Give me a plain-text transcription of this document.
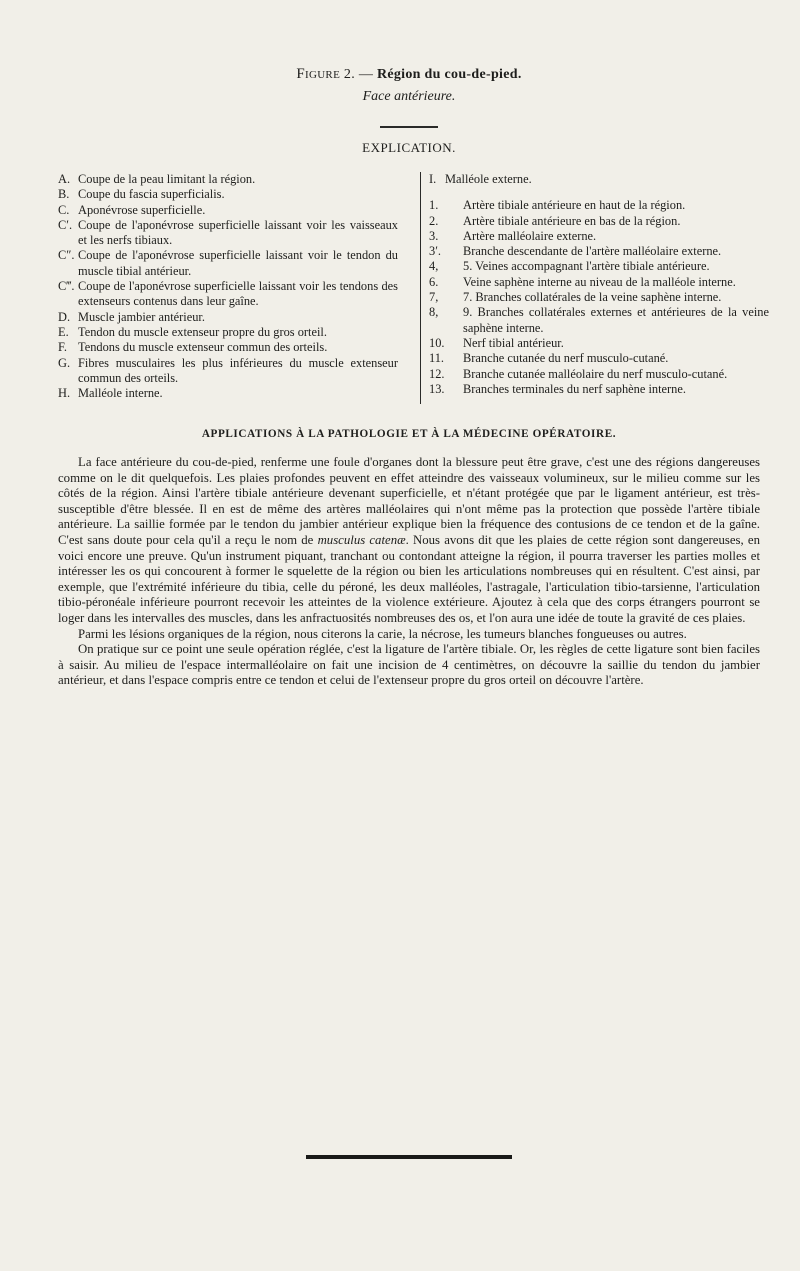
Figure 2. — Région du cou-de-pied.
Face antérieure.
EXPLICATION.
A. Coupe de la peau limitant la région.
B. Coupe du fascia superficialis.
C. Aponévrose superficielle.
C′. Coupe de l'aponévrose superficielle laissant voir les vaisseaux et les nerfs tibiaux.
C″. Coupe de l'aponévrose superficielle laissant voir le tendon du muscle tibial antérieur.
C‴. Coupe de l'aponévrose superficielle laissant voir les tendons des extenseurs contenus dans leur gaîne.
D. Muscle jambier antérieur.
E. Tendon du muscle extenseur propre du gros orteil.
F. Tendons du muscle extenseur commun des orteils.
G. Fibres musculaires les plus inférieures du muscle extenseur commun des orteils.
H. Malléole interne.
I. Malléole externe.
1.	Artère tibiale antérieure en haut de la région.
2.	Artère tibiale antérieure en bas de la région.
3.	Artère malléolaire externe.
3′.	Branche descendante de l'artère malléolaire externe.
4,	5. Veines accompagnant l'artère tibiale antérieure.
6.	Veine saphène interne au niveau de la malléole interne.
7,	7. Branches collatérales de la veine saphène interne.
8,	9. Branches collatérales externes et antérieures de la veine saphène interne.
10.	Nerf tibial antérieur.
11.	Branche cutanée du nerf musculo-cutané.
12.	Branche cutanée malléolaire du nerf musculo-cutané.
13.	Branches terminales du nerf saphène interne.
APPLICATIONS À LA PATHOLOGIE ET À LA MÉDECINE OPÉRATOIRE.

La face antérieure du cou-de-pied, renferme une foule d'organes dont la blessure peut être grave, c'est une des régions dangereuses comme on le dit quelquefois. Les plaies profondes peuvent en effet atteindre des vaisseaux volumineux, sur le milieu comme sur les côtés de la région. Ainsi l'artère tibiale antérieure devenant superficielle, et n'étant protégée que par le ligament antérieur, est très-susceptible d'être blessée. Il en est de même des artères malléolaires qui n'ont même pas la protection que possède l'artère tibiale antérieure. La saillie formée par le tendon du jambier antérieur explique bien la fréquence des contusions de ce tendon et de la gaîne. C'est sans doute pour cela qu'il a reçu le nom de musculus catenæ. Nous avons dit que les plaies de cette région sont dangereuses, en voici encore une preuve. Qu'un instrument piquant, tranchant ou contondant atteigne la région, il pourra traverser les parties molles et intéresser les os qui concourent à former le squelette de la région ou bien les articulations nombreuses qui en résultent. C'est ainsi, par exemple, que l'extrémité inférieure du tibia, celle du péroné, les deux malléoles, l'astragale, l'articulation tibio-tarsienne, l'articulation tibio-péronéale inférieure pourront recevoir les atteintes de la violence extérieure. Ajoutez à cela que des corps étrangers pourront se loger dans les intervalles des muscles, dans les anfractuosités nombreuses des os, et l'on aura une idée de toute la gravité de ces plaies.

Parmi les lésions organiques de la région, nous citerons la carie, la nécrose, les tumeurs blanches fongueuses ou autres.

On pratique sur ce point une seule opération réglée, c'est la ligature de l'artère tibiale. Or, les règles de cette ligature sont bien faciles à saisir. Au milieu de l'espace intermalléolaire on fait une incision de 4 centimètres, on découvre la saillie du tendon du jambier antérieur, et dans l'espace compris entre ce tendon et celui de l'extenseur propre du gros orteil on découvre l'artère.
